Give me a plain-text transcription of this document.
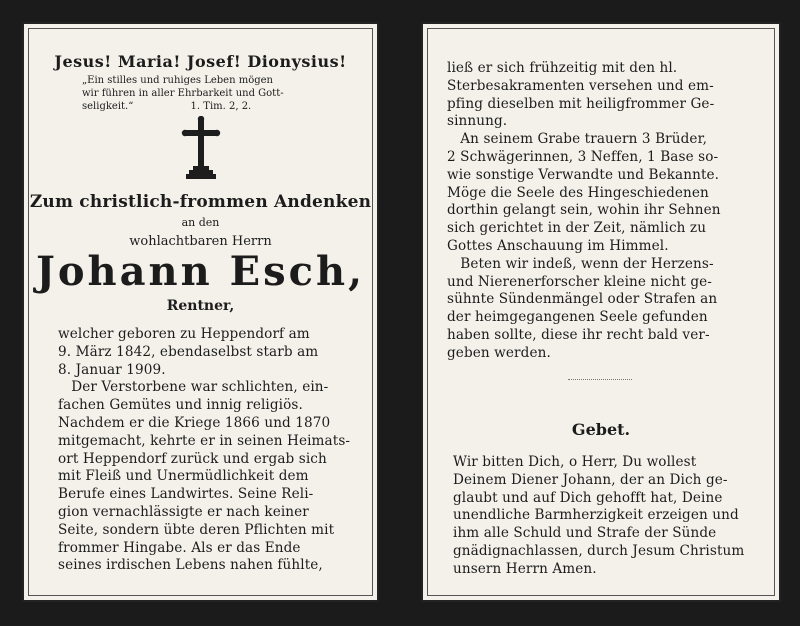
Jesus! Maria! Josef! Dionysius!
„Ein stilles und ruhiges Leben mögen
wir führen in aller Ehrbarkeit und Gott-
seligkeit.“                  1. Tim. 2, 2.
Zum christlich-frommen Andenken
an den
wohlachtbaren Herrn
Johann Esch,
Rentner,
welcher geboren zu Heppendorf am
9. März 1842, ebendaselbst starb am
8. Januar 1909.
Der Verstorbene war schlichten, ein-
fachen Gemütes und innig religiös.
Nachdem er die Kriege 1866 und 1870
mitgemacht, kehrte er in seinen Heimats-
ort Heppendorf zurück und ergab sich
mit Fleiß und Unermüdlichkeit dem
Berufe eines Landwirtes. Seine Reli-
gion vernachlässigte er nach keiner
Seite, sondern übte deren Pflichten mit
frommer Hingabe. Als er das Ende
seines irdischen Lebens nahen fühlte,
ließ er sich frühzeitig mit den hl.
Sterbesakramenten versehen und em-
pfing dieselben mit heiligfrommer Ge-
sinnung.
An seinem Grabe trauern 3 Brüder,
2 Schwägerinnen, 3 Neffen, 1 Base so-
wie sonstige Verwandte und Bekannte.
Möge die Seele des Hingeschiedenen
dorthin gelangt sein, wohin ihr Sehnen
sich gerichtet in der Zeit, nämlich zu
Gottes Anschauung im Himmel.
Beten wir indeß, wenn der Herzens-
und Nierenerforscher kleine nicht ge-
sühnte Sündenmängel oder Strafen an
der heimgegangenen Seele gefunden
haben sollte, diese ihr recht bald ver-
geben werden.
Gebet.
Wir bitten Dich, o Herr, Du wollest
Deinem Diener Johann, der an Dich ge-
glaubt und auf Dich gehofft hat, Deine
unendliche Barmherzigkeit erzeigen und
ihm alle Schuld und Strafe der Sünde
gnädignachlassen, durch Jesum Christum
unsern Herrn Amen.
